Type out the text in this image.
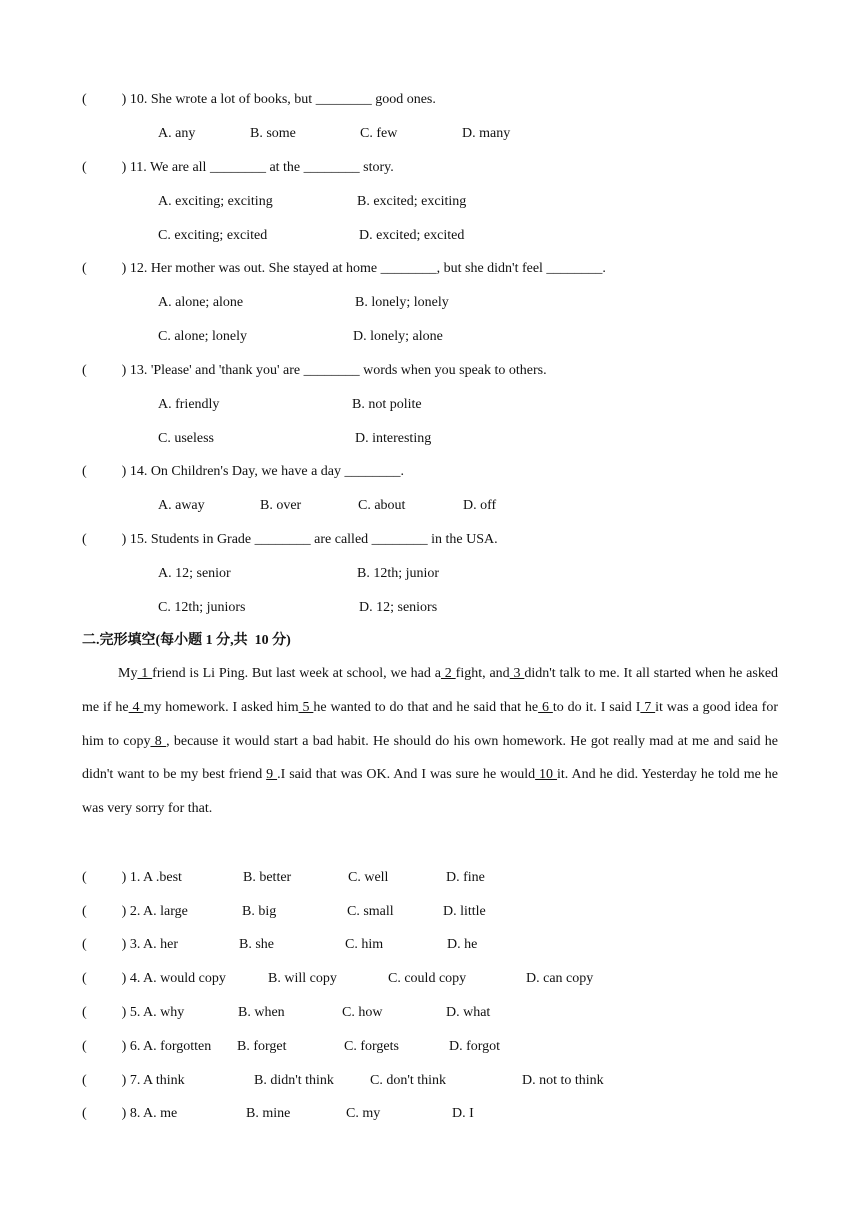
(          ) 10. She wrote a lot of books, but ________ good ones.
A. any	B. some	C. few	D. many
(          ) 11. We are all ________ at the ________ story.
A. exciting; exciting	B. excited; exciting
C. exciting; excited	D. excited; excited
(          ) 12. Her mother was out. She stayed at home ________, but she didn't feel ________.
A. alone; alone	B. lonely; lonely
C. alone; lonely	D. lonely; alone
(          ) 13. 'Please' and 'thank you' are ________ words when you speak to others.
A. friendly	B. not polite
C. useless	D. interesting
(          ) 14. On Children's Day, we have a day ________.
A. away	B. over	C. about	D. off
(          ) 15. Students in Grade ________ are called ________ in the USA.
A. 12; senior	B. 12th; junior
C. 12th; juniors	D. 12; seniors
二.完形填空(每小题 1 分,共  10 分)
My 1 friend is Li Ping. But last week at school, we had a 2 fight, and 3 didn't talk to me. It all started when he asked me if he 4 my homework. I asked him 5 he wanted to do that and he said that he 6 to do it. I said I 7 it was a good idea for him to copy 8 , because it would start a bad habit. He should do his own homework. He got really mad at me and said he didn't want to be my best friend 9 .I said that was OK. And I was sure he would 10 it. And he did. Yesterday he told me he was very sorry for that.
(          ) 1. A .best	B. better	C. well	D. fine
(          ) 2. A. large	B. big	C. small	D. little
(          ) 3. A. her	B. she	C. him	D. he
(          ) 4. A. would copy	B. will copy	C. could copy	D. can copy
(          ) 5. A. why	B. when	C. how	D. what
(          ) 6. A. forgotten B. forget	C. forgets	D. forgot
(          ) 7. A think	B. didn't think	C. don't think	D. not to think
(          ) 8. A. me	B. mine	C. my	D. I
